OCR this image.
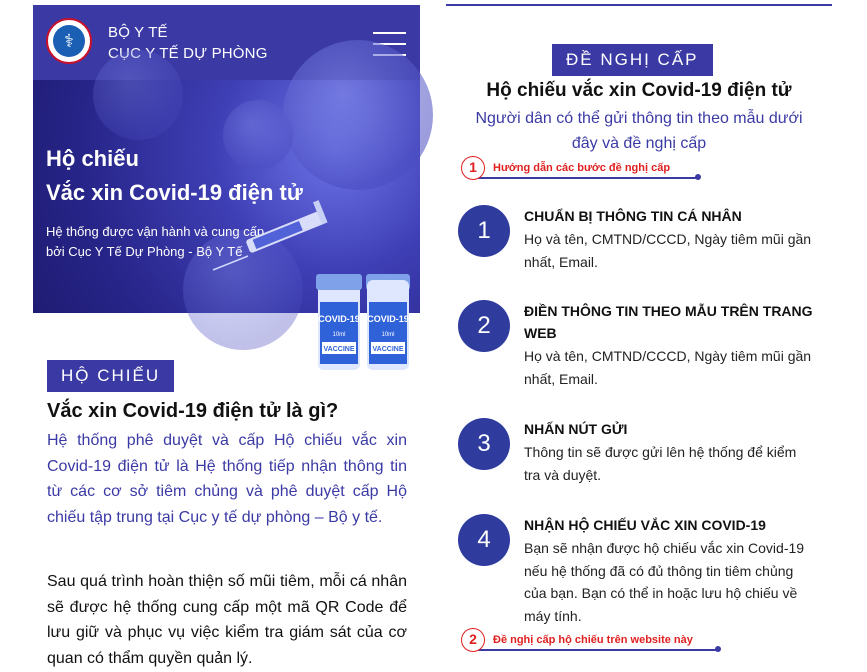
⚕	BỘ Y TẾ
CỤC Y TẾ DỰ PHÒNG
Hộ chiếu
Vắc xin Covid-19 điện tử
Hệ thống được vận hành và cung cấp
bởi Cục Y Tế Dự Phòng - Bộ Y Tế
COVID-19
10ml
VACCINE
COVID-19
10ml
VACCINE
HỘ CHIẾU
Vắc xin Covid-19 điện tử là gì?
Hệ thống phê duyệt và cấp Hộ chiếu vắc xin Covid-19 điện tử là Hệ thống tiếp nhận thông tin từ các cơ sở tiêm chủng và phê duyệt cấp Hộ chiếu tập trung tại Cục y tế dự phòng – Bộ y tế.
Sau quá trình hoàn thiện số mũi tiêm, mỗi cá nhân sẽ được hệ thống cung cấp một mã QR Code để lưu giữ và phục vụ việc kiểm tra giám sát của cơ quan có thẩm quyền quản lý.
ĐỀ NGHỊ CẤP
Hộ chiếu vắc xin Covid-19 điện tử
Người dân có thể gửi thông tin theo mẫu dưới
đây và đề nghị cấp
1	Hướng dẫn các bước đề nghị cấp
1
CHUẨN BỊ THÔNG TIN CÁ NHÂN
Họ và tên, CMTND/CCCD, Ngày tiêm mũi gần nhất, Email.
2
ĐIỀN THÔNG TIN THEO MẪU TRÊN TRANG WEB
Họ và tên, CMTND/CCCD, Ngày tiêm mũi gần nhất, Email.
3
NHẤN NÚT GỬI
Thông tin sẽ được gửi lên hệ thống để kiểm tra và duyệt.
4
NHẬN HỘ CHIẾU VẮC XIN COVID-19
Bạn sẽ nhận được hộ chiếu vắc xin Covid-19 nếu hệ thống đã có đủ thông tin tiêm chủng của bạn. Bạn có thể in hoặc lưu hộ chiếu về máy tính.
2	Đề nghị cấp hộ chiếu trên website này
